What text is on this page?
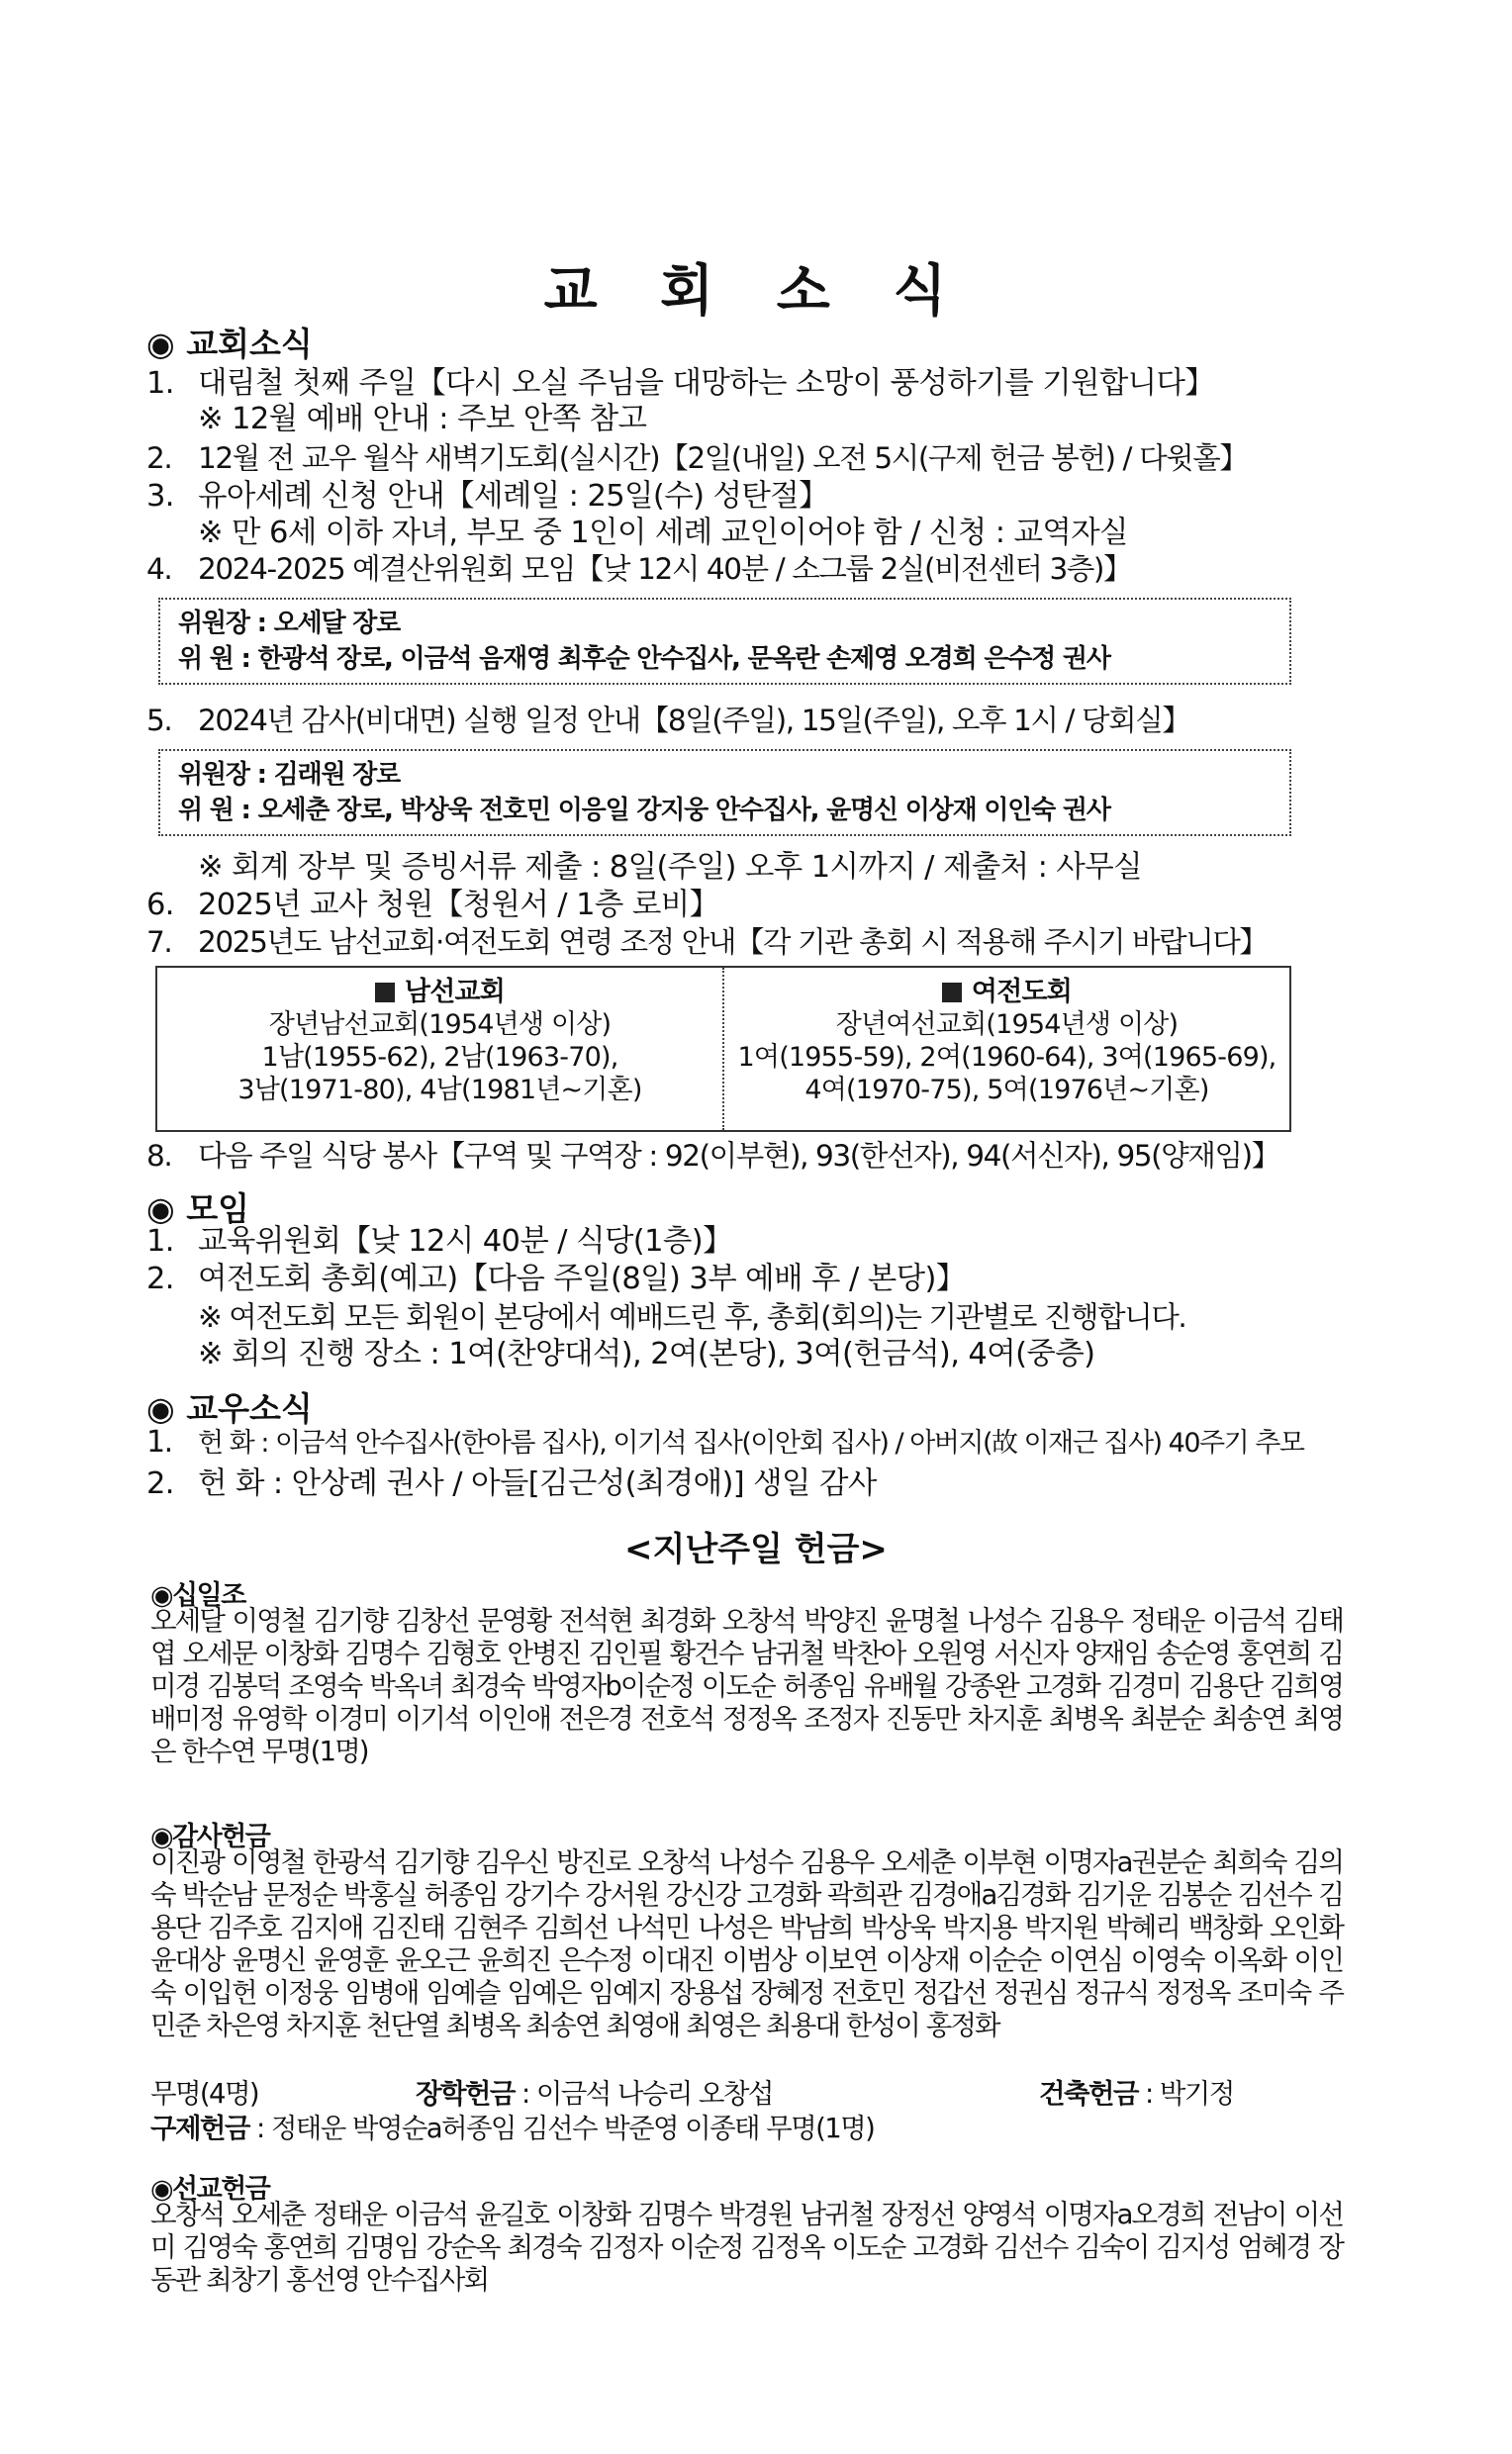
교 회 소 식
◉ 교회소식
1. 대림철 첫째 주일【다시 오실 주님을 대망하는 소망이 풍성하기를 기원합니다】
※ 12월 예배 안내 : 주보 안쪽 참고
2. 12월 전 교우 월삭 새벽기도회(실시간)【2일(내일) 오전 5시(구제 헌금 봉헌) / 다윗홀】
3. 유아세례 신청 안내【세례일 : 25일(수) 성탄절】
※ 만 6세 이하 자녀, 부모 중 1인이 세례 교인이어야 함 / 신청 : 교역자실
4. 2024-2025 예결산위원회 모임【낮 12시 40분 / 소그룹 2실(비전센터 3층)】
위원장 : 오세달 장로
위 원 : 한광석 장로, 이금석 음재영 최후순 안수집사, 문옥란 손제영 오경희 은수정 권사
5. 2024년 감사(비대면) 실행 일정 안내【8일(주일), 15일(주일), 오후 1시 / 당회실】
위원장 : 김래원 장로
위 원 : 오세춘 장로, 박상욱 전호민 이응일 강지웅 안수집사, 윤명신 이상재 이인숙 권사
※ 회계 장부 및 증빙서류 제출 : 8일(주일) 오후 1시까지 / 제출처 : 사무실
6. 2025년 교사 청원【청원서 / 1층 로비】
7. 2025년도 남선교회·여전도회 연령 조정 안내【각 기관 총회 시 적용해 주시기 바랍니다】
남선교회
장년남선교회(1954년생 이상)
1남(1955-62), 2남(1963-70),
3남(1971-80), 4남(1981년~기혼)
여전도회
장년여선교회(1954년생 이상)
1여(1955-59), 2여(1960-64), 3여(1965-69),
4여(1970-75), 5여(1976년~기혼)
8. 다음 주일 식당 봉사【구역 및 구역장 : 92(이부현), 93(한선자), 94(서신자), 95(양재임)】
◉ 모임
1. 교육위원회【낮 12시 40분 / 식당(1층)】
2. 여전도회 총회(예고)【다음 주일(8일) 3부 예배 후 / 본당)】
※ 여전도회 모든 회원이 본당에서 예배드린 후, 총회(회의)는 기관별로 진행합니다.
※ 회의 진행 장소 : 1여(찬양대석), 2여(본당), 3여(헌금석), 4여(중층)
◉ 교우소식
1. 헌 화 : 이금석 안수집사(한아름 집사), 이기석 집사(이안회 집사) / 아버지(故 이재근 집사) 40주기 추모
2. 헌 화 : 안상례 권사 / 아들[김근성(최경애)] 생일 감사
<지난주일 헌금>
◉십일조

오세달 이영철 김기향 김창선 문영황 전석현 최경화 오창석 박양진 윤명철 나성수 김용우 정태운 이금석 김태엽 오세문 이창화 김명수 김형호 안병진 김인필 황건수 남귀철 박찬아 오원영 서신자 양재임 송순영 홍연희 김미경 김봉덕 조영숙 박옥녀 최경숙 박영자b이순정 이도순 허종임 유배월 강종완 고경화 김경미 김용단 김희영 배미정 유영학 이경미 이기석 이인애 전은경 전호석 정정옥 조정자 진동만 차지훈 최병옥 최분순 최송연 최영은 한수연 무명(1명)

◉감사헌금

이진광 이영철 한광석 김기향 김우신 방진로 오창석 나성수 김용우 오세춘 이부현 이명자a권분순 최희숙 김의숙 박순남 문정순 박홍실 허종임 강기수 강서원 강신강 고경화 곽희관 김경애a김경화 김기운 김봉순 김선수 김용단 김주호 김지애 김진태 김현주 김희선 나석민 나성은 박남희 박상욱 박지용 박지원 박혜리 백창화 오인화 윤대상 윤명신 윤영훈 윤오근 윤희진 은수정 이대진 이범상 이보연 이상재 이순순 이연심 이영숙 이옥화 이인숙 이입헌 이정웅 임병애 임예슬 임예은 임예지 장용섭 장혜정 전호민 정갑선 정권심 정규식 정정옥 조미숙 주민준 차은영 차지훈 천단열 최병옥 최송연 최영애 최영은 최용대 한성이 홍정화

무명(4명)	장학헌금 : 이금석 나승리 오창섭	건축헌금 : 박기정
구제헌금 : 정태운 박영순a허종임 김선수 박준영 이종태 무명(1명)
◉선교헌금

오창석 오세춘 정태운 이금석 윤길호 이창화 김명수 박경원 남귀철 장정선 양영석 이명자a오경희 전남이 이선미 김영숙 홍연희 김명임 강순옥 최경숙 김정자 이순정 김정옥 이도순 고경화 김선수 김숙이 김지성 엄혜경 장동관 최창기 홍선영 안수집사회
